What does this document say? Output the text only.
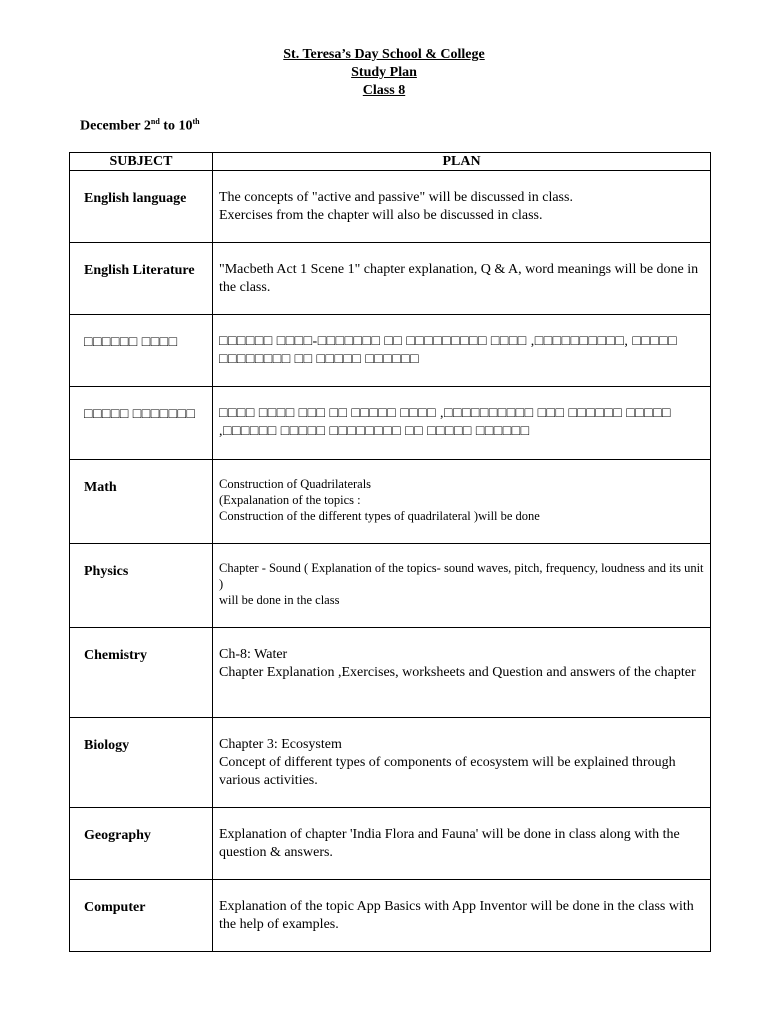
St. Teresa’s Day School & College
Study Plan
Class 8
December 2nd to 10th
SUBJECT	PLAN
English language	The concepts of "active and passive" will be discussed in class.
Exercises from the chapter will also be discussed in class.

English Literature	"Macbeth Act 1 Scene 1" chapter explanation, Q & A, word meanings will be done in the class.

□□□□□□ □□□□	□□□□□□ □□□□-□□□□□□□ □□ □□□□□□□□□ □□□□ ,□□□□□□□□□□, □□□□□ □□□□□□□□ □□ □□□□□ □□□□□□

□□□□□ □□□□□□□	□□□□ □□□□ □□□ □□ □□□□□ □□□□ ,□□□□□□□□□□ □□□ □□□□□□ □□□□□ ,□□□□□□ □□□□□ □□□□□□□□ □□ □□□□□ □□□□□□

Math	Construction of Quadrilaterals
(Expalanation of the topics :
Construction of the different types of quadrilateral )will be done

Physics	Chapter - Sound ( Explanation of the topics- sound waves, pitch, frequency, loudness and its unit )
will be done in the class

Chemistry	Ch-8: Water
Chapter Explanation ,Exercises, worksheets and Question and answers of the chapter

Biology	Chapter 3: Ecosystem
Concept of different types of components of ecosystem will be explained through various activities.

Geography	Explanation of chapter 'India Flora and Fauna' will be done in class along with the question & answers.

Computer	Explanation of the topic App Basics with App Inventor will be done in the class with the help of examples.
